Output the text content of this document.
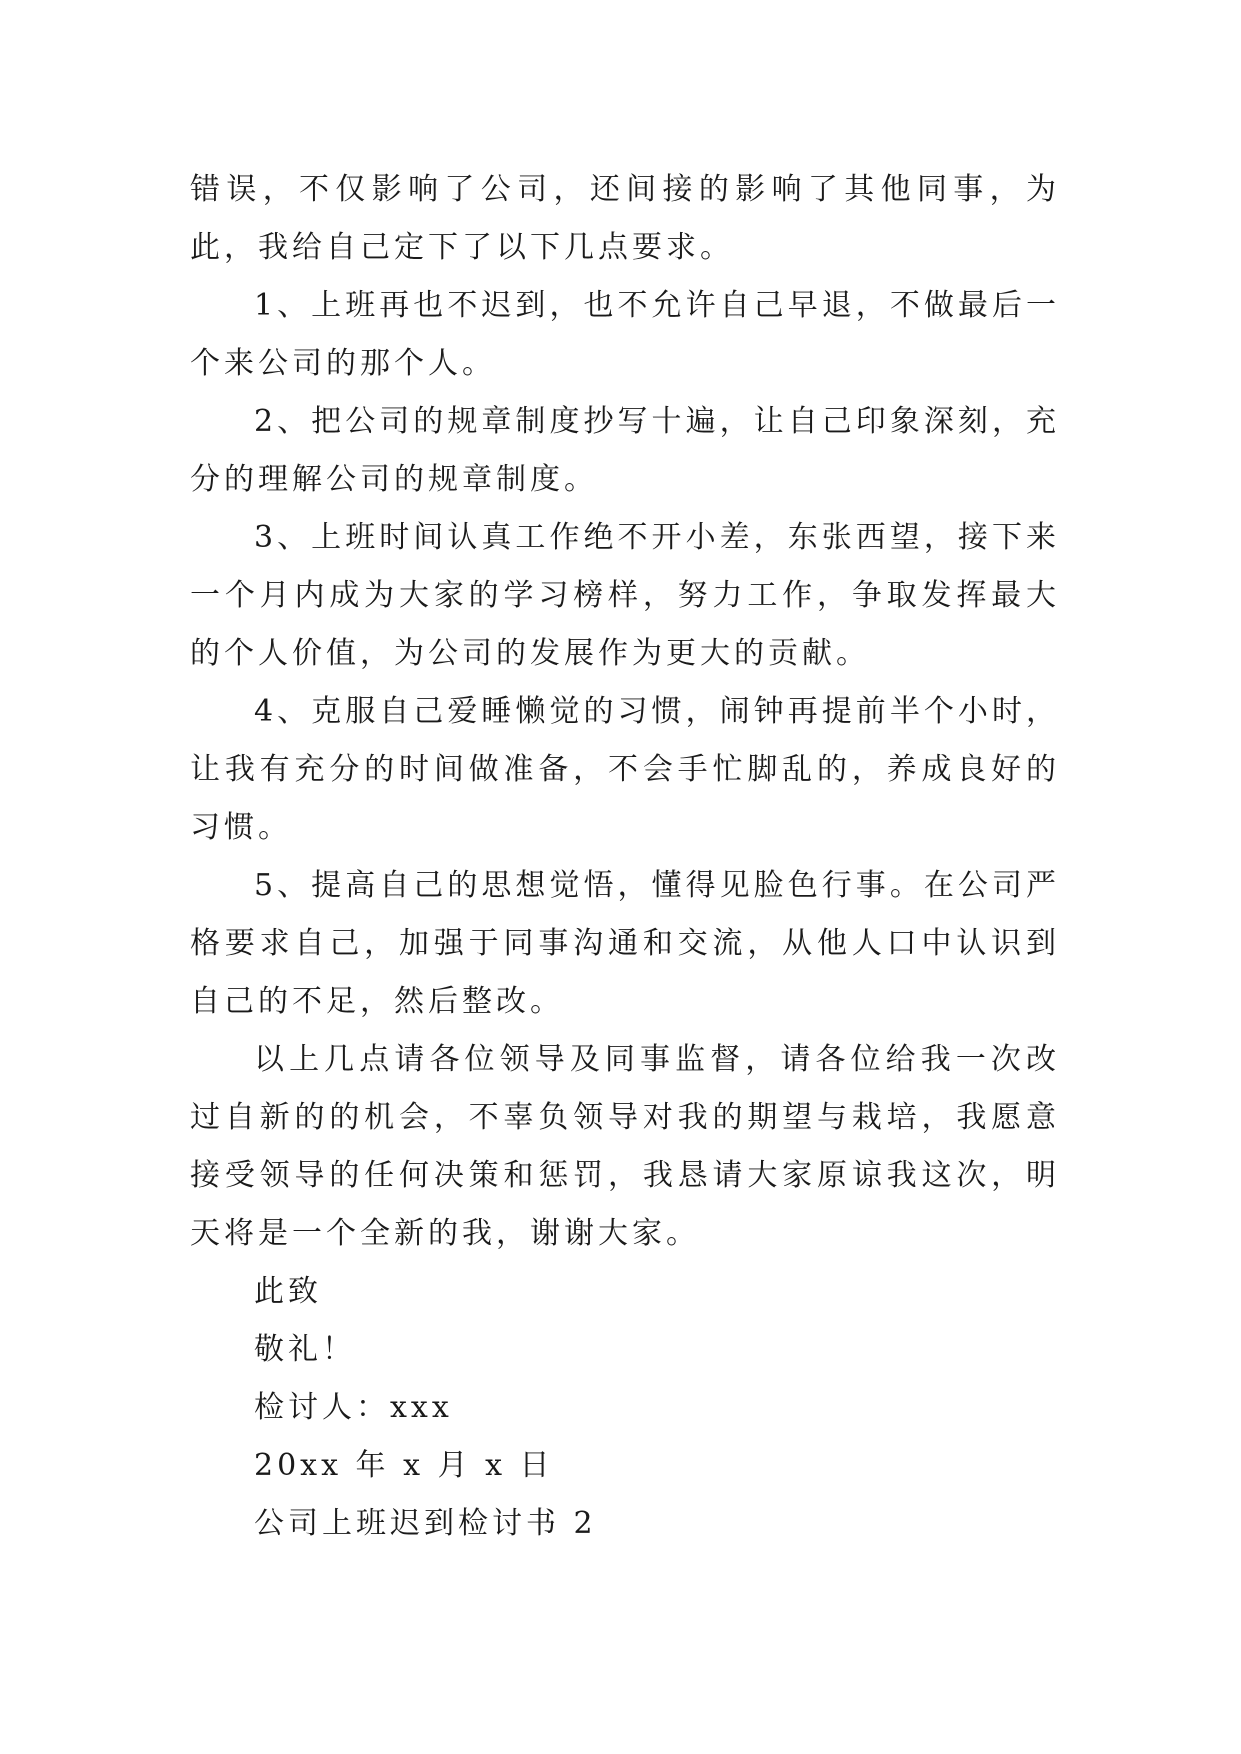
错误，不仅影响了公司，还间接的影响了其他同事，为此，我给自己定下了以下几点要求。

1、上班再也不迟到，也不允许自己早退，不做最后一个来公司的那个人。

2、把公司的规章制度抄写十遍，让自己印象深刻，充分的理解公司的规章制度。

3、上班时间认真工作绝不开小差，东张西望，接下来一个月内成为大家的学习榜样，努力工作，争取发挥最大的个人价值，为公司的发展作为更大的贡献。

4、克服自己爱睡懒觉的习惯，闹钟再提前半个小时，让我有充分的时间做准备，不会手忙脚乱的，养成良好的习惯。

5、提高自己的思想觉悟，懂得见脸色行事。在公司严格要求自己，加强于同事沟通和交流，从他人口中认识到自己的不足，然后整改。

以上几点请各位领导及同事监督，请各位给我一次改过自新的的机会，不辜负领导对我的期望与栽培，我愿意接受领导的任何决策和惩罚，我恳请大家原谅我这次，明天将是一个全新的我，谢谢大家。

此致

敬礼！

检讨人：xxx

20xx 年 x 月 x 日

公司上班迟到检讨书 2
